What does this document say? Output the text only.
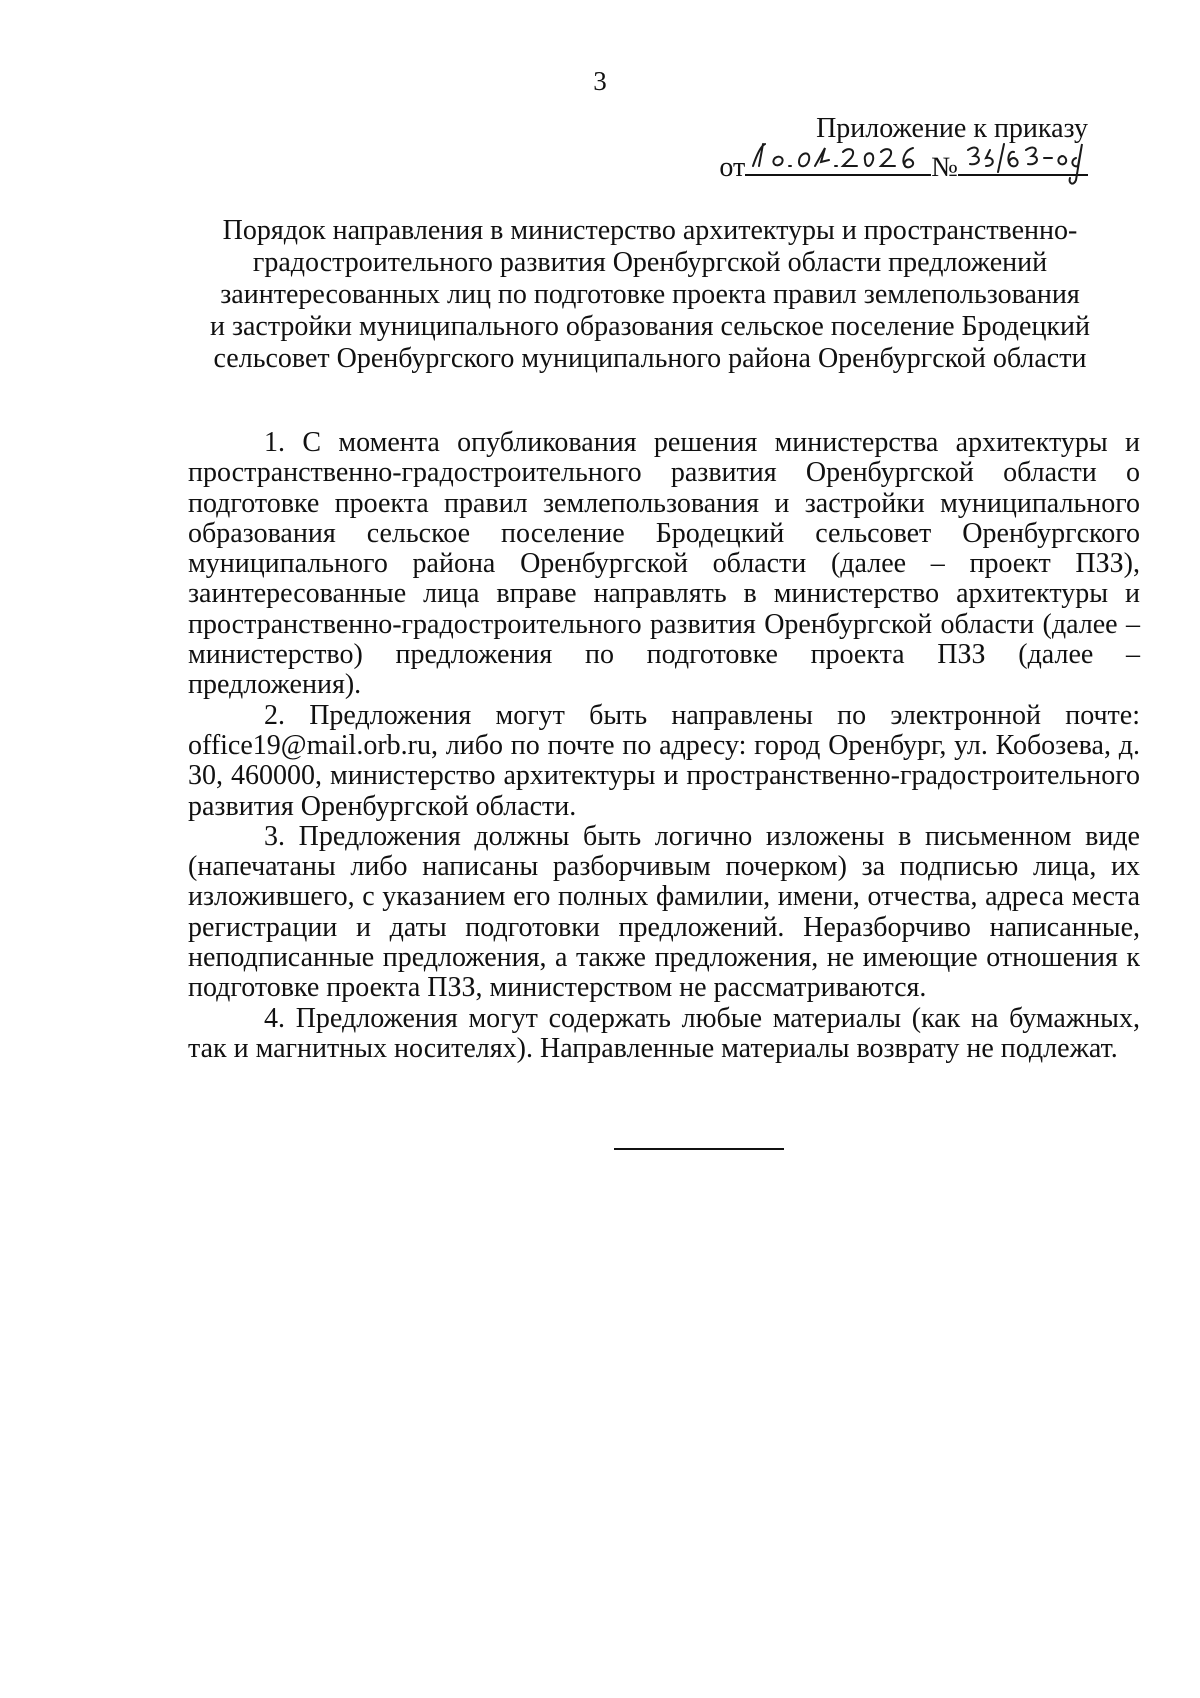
3
Приложение к приказу
от	№
Порядок направления в министерство архитектуры и пространственно-
градостроительного развития Оренбургской области предложений
заинтересованных лиц по подготовке проекта правил землепользования
и застройки муниципального образования сельское поселение Бродецкий
сельсовет Оренбургского муниципального района Оренбургской области

1. С момента опубликования решения министерства архитектуры и пространственно-градостроительного развития Оренбургской области о подготовке проекта правил землепользования и застройки муниципального образования сельское поселение Бродецкий сельсовет Оренбургского муниципального района Оренбургской области (далее – проект ПЗЗ), заинтересованные лица вправе направлять в министерство архитектуры и пространственно-градостроительного развития Оренбургской области (далее – министерство) предложения по подготовке проекта ПЗЗ (далее – предложения).

2. Предложения могут быть направлены по электронной почте: office19@mail.orb.ru, либо по почте по адресу: город Оренбург, ул. Кобозева, д. 30, 460000, министерство архитектуры и пространственно-градостроительного развития Оренбургской области.

3. Предложения должны быть логично изложены в письменном виде (напечатаны либо написаны разборчивым почерком) за подписью лица, их изложившего, с указанием его полных фамилии, имени, отчества, адреса места регистрации и даты подготовки предложений. Неразборчиво написанные, неподписанные предложения, а также предложения, не имеющие отношения к подготовке проекта ПЗЗ, министерством не рассматриваются.

4. Предложения могут содержать любые материалы (как на бумажных, так и магнитных носителях). Направленные материалы возврату не подлежат.
